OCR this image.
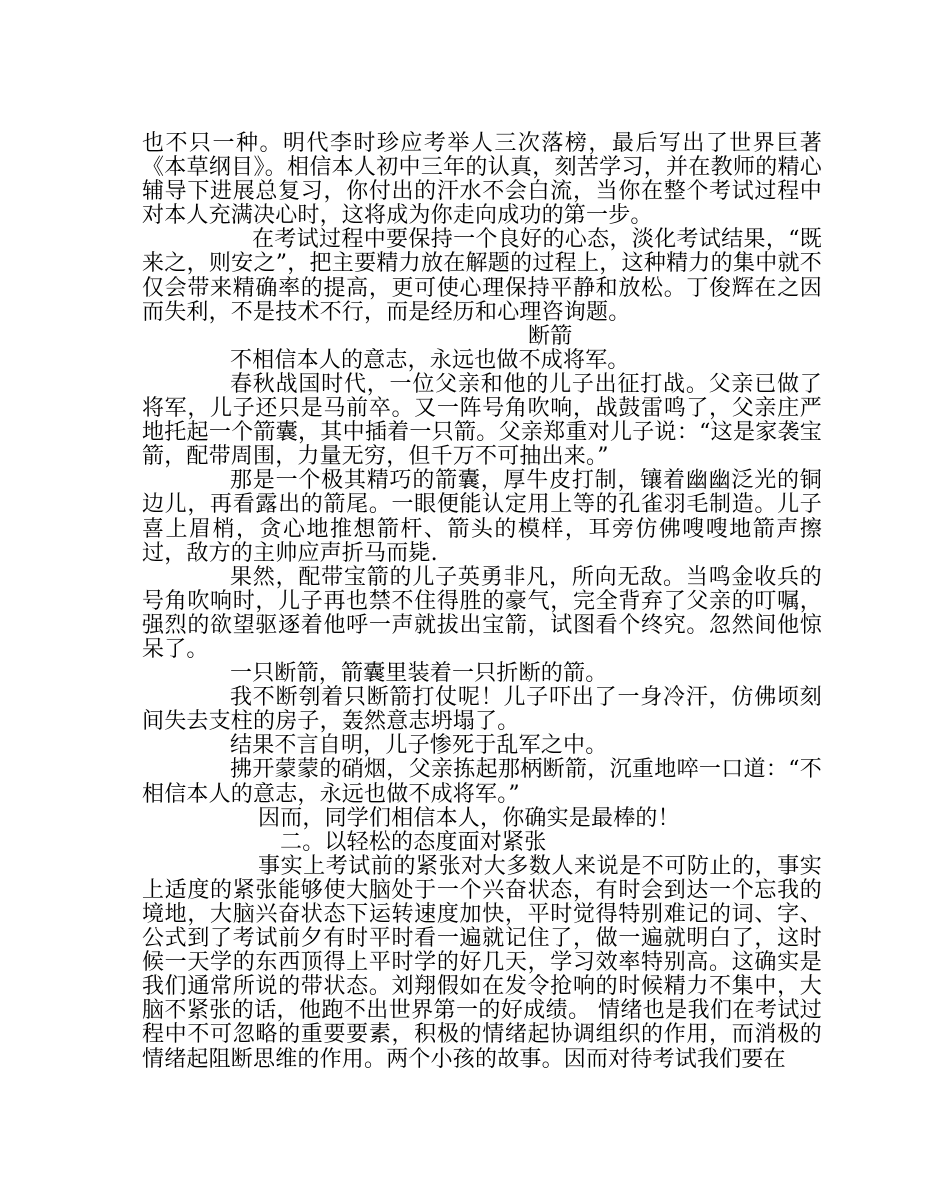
也不只一种。明代李时珍应考举人三次落榜，最后写出了世界巨著《本草纲目》。相信本人初中三年的认真，刻苦学习，并在教师的精心辅导下进展总复习，你付出的汗水不会白流，当你在整个考试过程中对本人充满决心时，这将成为你走向成功的第一步。

在考试过程中要保持一个良好的心态，淡化考试结果，“既来之，则安之”，把主要精力放在解题的过程上，这种精力的集中就不仅会带来精确率的提高，更可使心理保持平静和放松。丁俊辉在之因而失利，不是技术不行，而是经历和心理咨询题。

断箭

不相信本人的意志，永远也做不成将军。

春秋战国时代，一位父亲和他的儿子出征打战。父亲已做了将军，儿子还只是马前卒。又一阵号角吹响，战鼓雷鸣了，父亲庄严地托起一个箭囊，其中插着一只箭。父亲郑重对儿子说：“这是家袭宝箭，配带周围，力量无穷，但千万不可抽出来。”

那是一个极其精巧的箭囊，厚牛皮打制，镶着幽幽泛光的铜边儿，再看露出的箭尾。一眼便能认定用上等的孔雀羽毛制造。儿子喜上眉梢，贪心地推想箭杆、箭头的模样，耳旁仿佛嗖嗖地箭声擦过，敌方的主帅应声折马而毙.

果然，配带宝箭的儿子英勇非凡，所向无敌。当鸣金收兵的号角吹响时，儿子再也禁不住得胜的豪气，完全背弃了父亲的叮嘱，强烈的欲望驱逐着他呼一声就拔出宝箭，试图看个终究。忽然间他惊呆了。

一只断箭，箭囊里装着一只折断的箭。

我不断刳着只断箭打仗呢！儿子吓出了一身冷汗，仿佛顷刻间失去支柱的房子，轰然意志坍塌了。

结果不言自明，儿子惨死于乱军之中。

拂开蒙蒙的硝烟，父亲拣起那柄断箭，沉重地啐一口道：“不相信本人的意志，永远也做不成将军。”

因而，同学们相信本人，你确实是最棒的！

二。以轻松的态度面对紧张

事实上考试前的紧张对大多数人来说是不可防止的，事实上适度的紧张能够使大脑处于一个兴奋状态，有时会到达一个忘我的境地，大脑兴奋状态下运转速度加快，平时觉得特别难记的词、字、公式到了考试前夕有时平时看一遍就记住了，做一遍就明白了，这时候一天学的东西顶得上平时学的好几天，学习效率特别高。这确实是我们通常所说的带状态。刘翔假如在发令抢响的时候精力不集中，大脑不紧张的话，他跑不出世界第一的好成绩。 情绪也是我们在考试过程中不可忽略的重要要素，积极的情绪起协调组织的作用，而消极的情绪起阻断思维的作用。两个小孩的故事。因而对待考试我们要在
